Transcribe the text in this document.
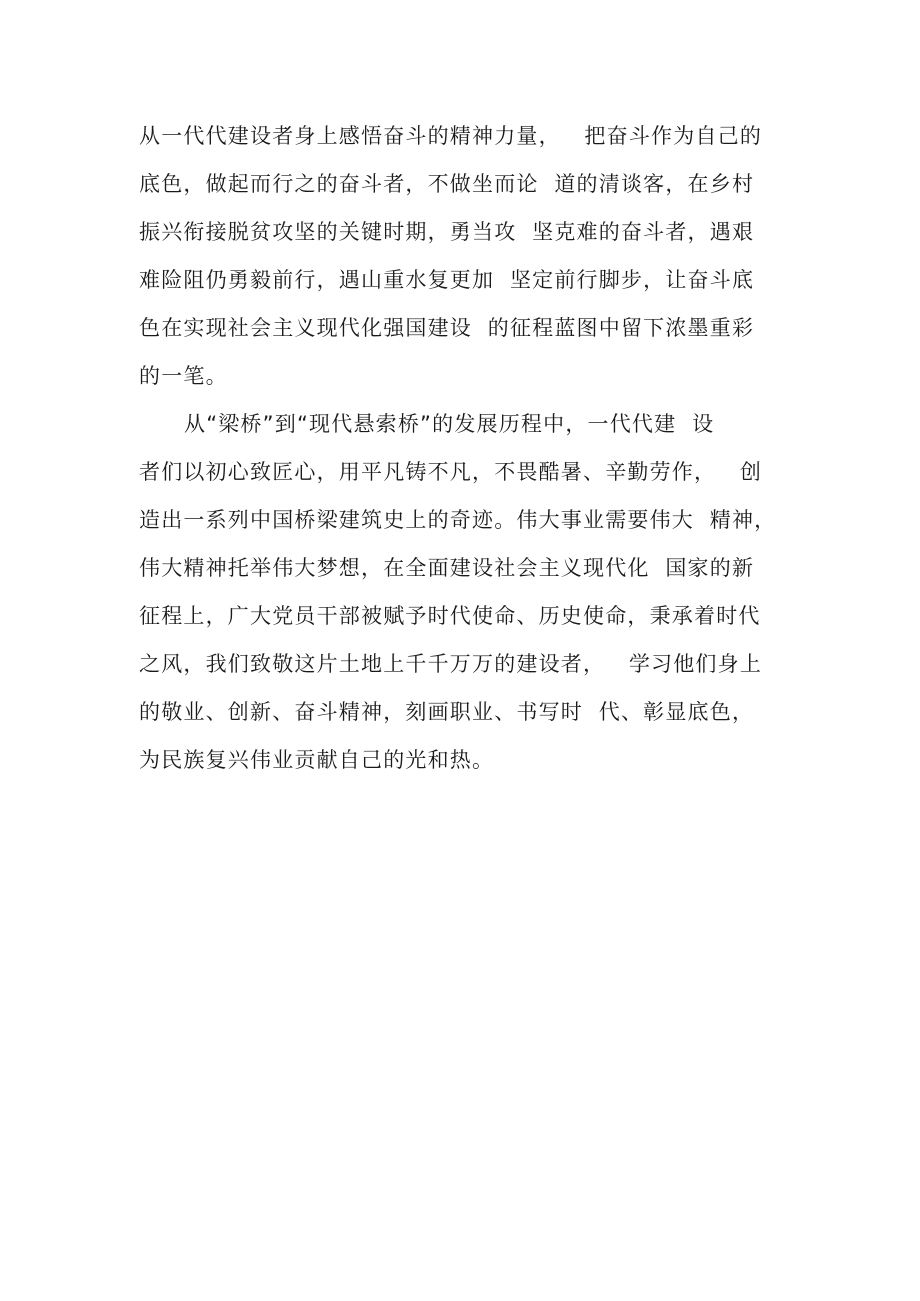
从一代代建设者身上感悟奋斗的精神力量，   把奋斗作为自己的
底色，做起而行之的奋斗者，不做坐而论  道的清谈客，在乡村
振兴衔接脱贫攻坚的关键时期，勇当攻  坚克难的奋斗者，遇艰
难险阻仍勇毅前行，遇山重水复更加  坚定前行脚步，让奋斗底
色在实现社会主义现代化强国建设  的征程蓝图中留下浓墨重彩
的一笔。
从“梁桥”到“现代悬索桥”的发展历程中，一代代建  设
者们以初心致匠心，用平凡铸不凡，不畏酷暑、辛勤劳作，   创
造出一系列中国桥梁建筑史上的奇迹。伟大事业需要伟大  精神，
伟大精神托举伟大梦想，在全面建设社会主义现代化  国家的新
征程上，广大党员干部被赋予时代使命、历史使命，秉承着时代
之风，我们致敬这片土地上千千万万的建设者，   学习他们身上
的敬业、创新、奋斗精神，刻画职业、书写时  代、彰显底色，
为民族复兴伟业贡献自己的光和热。
